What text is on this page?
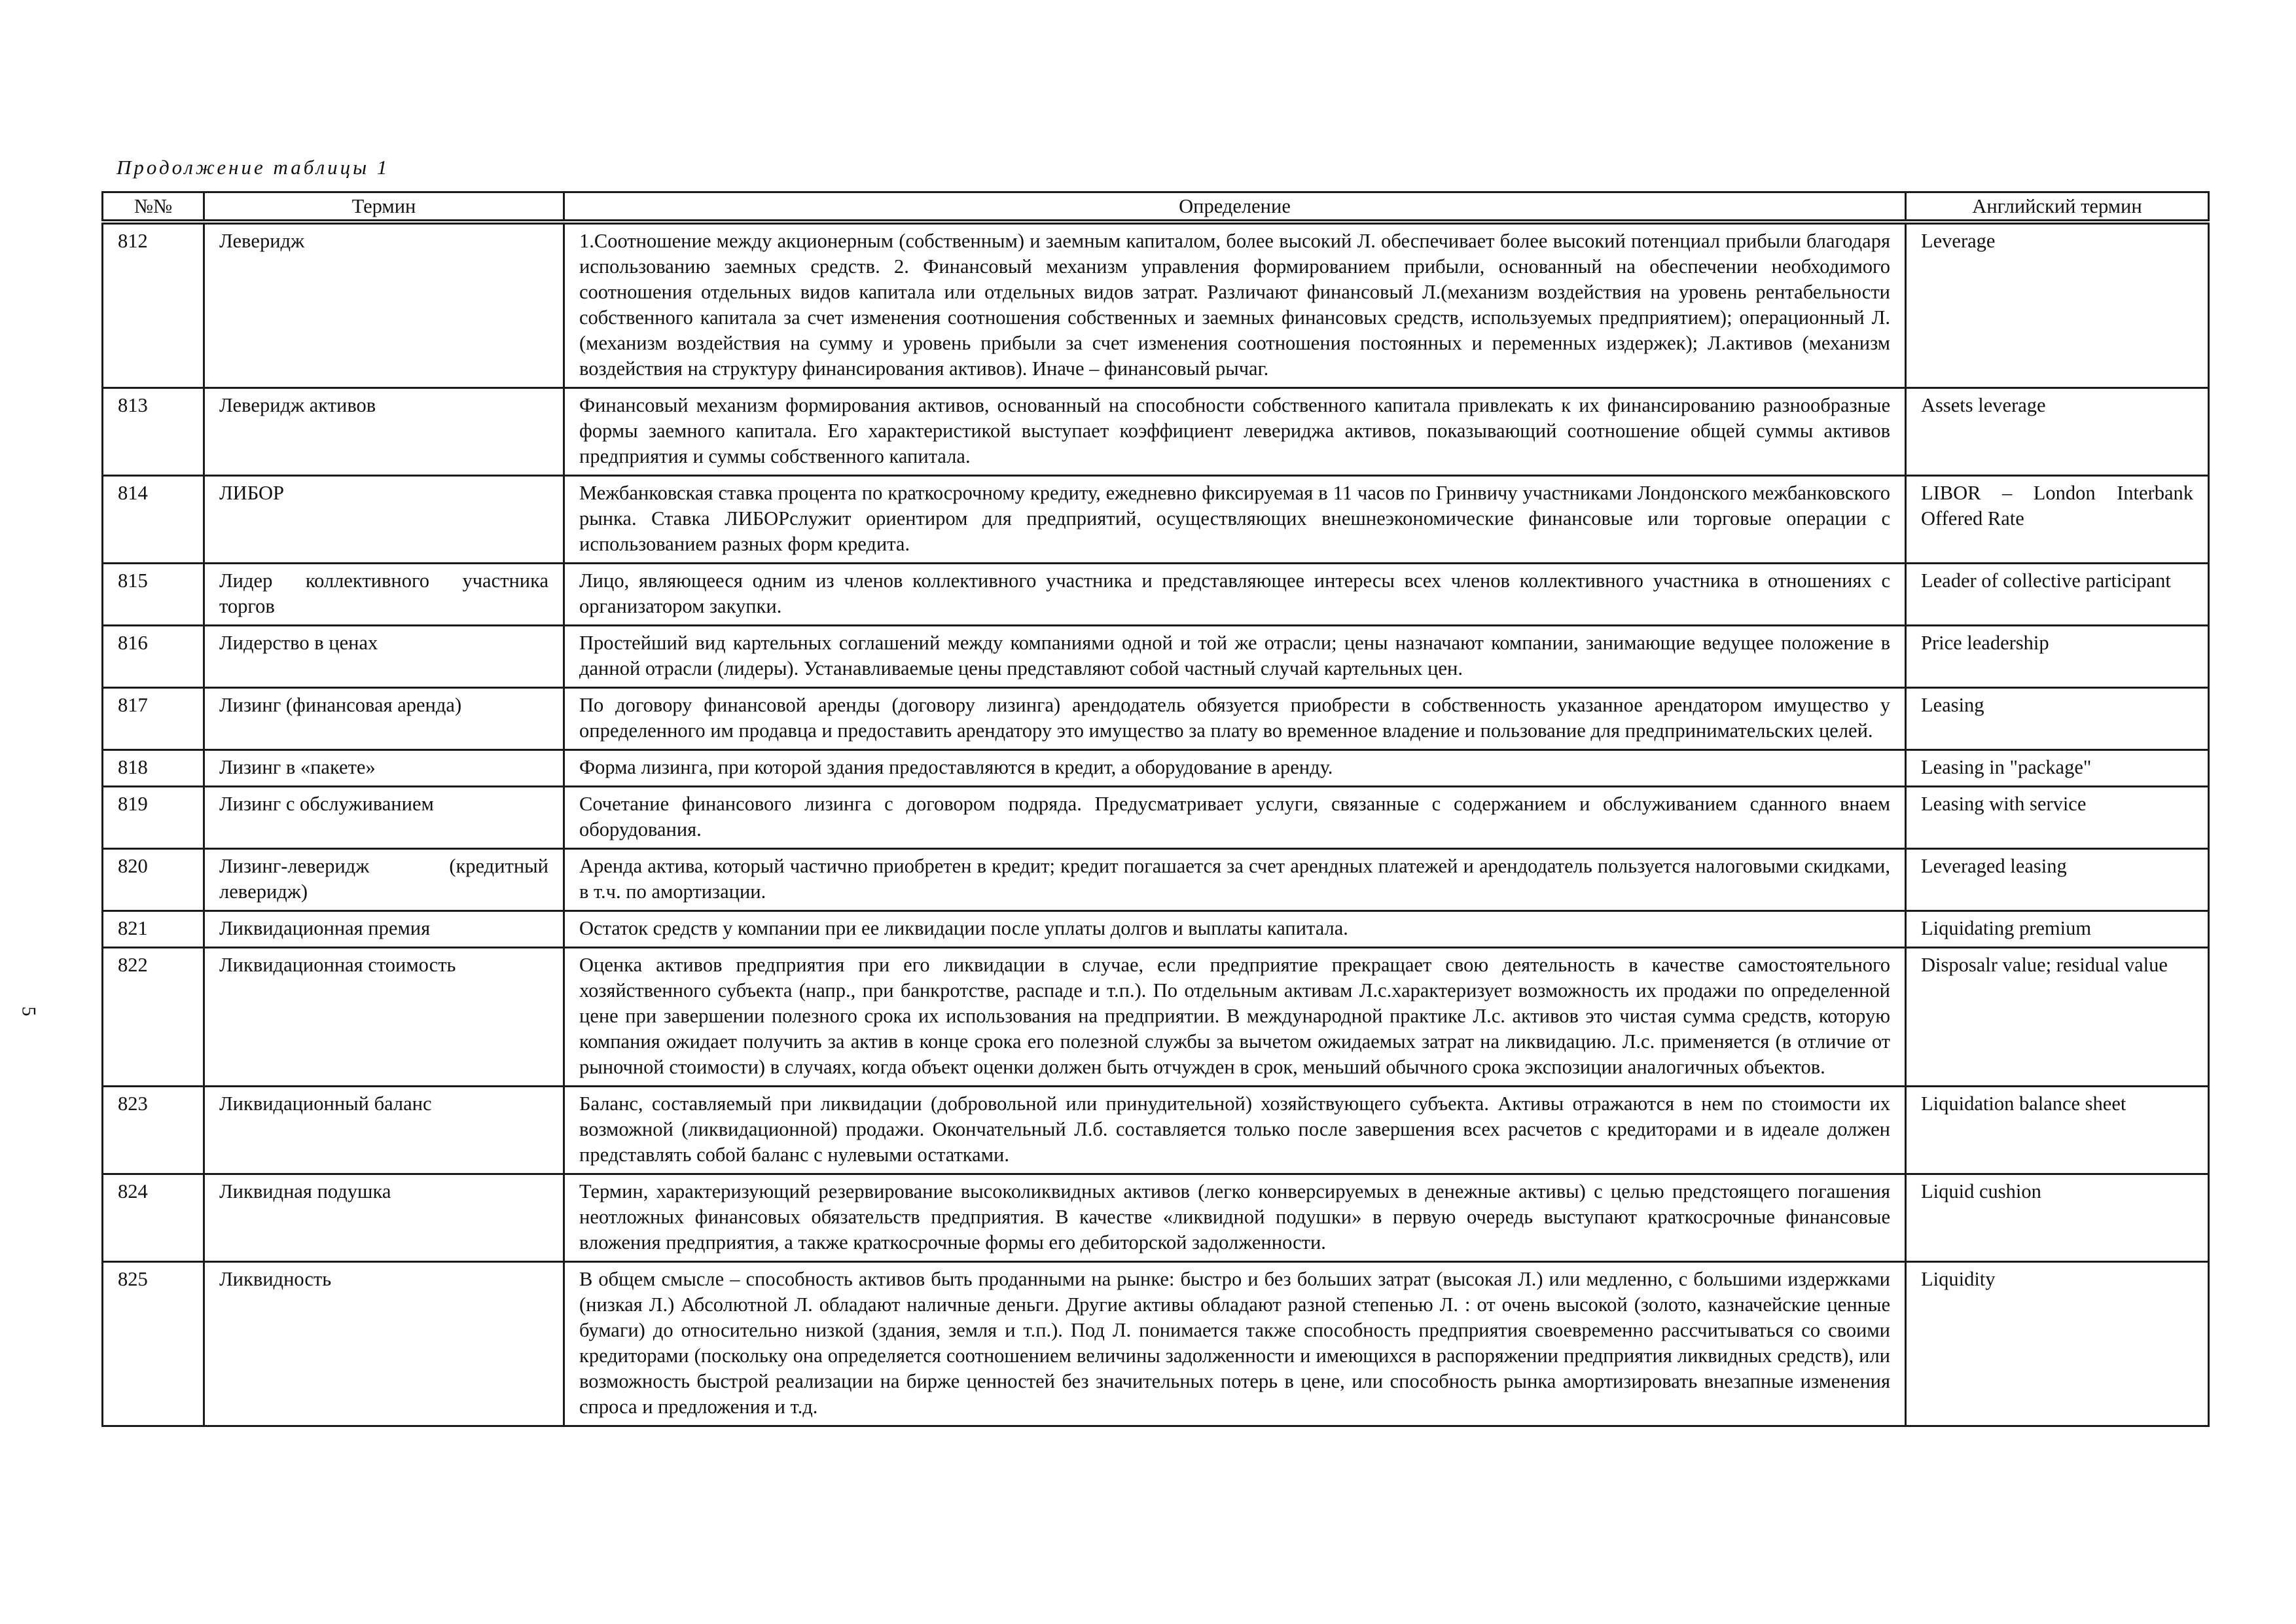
Продолжение таблицы 1
5
№№	Термин	Определение	Английский термин
812	Левeридж	1.Соотношение между акционерным (собственным) и заемным капиталом, более высокий Л. обеспечивает более высокий потенциал прибыли благодаря использованию заемных средств. 2. Финансовый механизм управления формированием прибыли, основанный на обеспечении необходимого соотношения отдельных видов капитала или отдельных видов затрат. Различают финансовый Л.(механизм воздействия на уровень рентабельности собственного капитала за счет изменения соотношения собственных и заемных финансовых средств, используемых предприятием); операционный Л.(механизм воздействия на сумму и уровень прибыли за счет изменения соотношения постоянных и переменных издержек); Л.активов (механизм воздействия на структуру финансирования активов). Иначе – финансовый рычаг.	Leverage
813	Левeридж активов	Финансовый механизм формирования активов, основанный на способности собственного капитала привлекать к их финансированию разнообразные формы заемного капитала. Его характеристикой выступает коэффициент левериджа активов, показывающий соотношение общей суммы активов предприятия и суммы собственного капитала.	Assets leverage
814	ЛИБОР	Межбанковская ставка процента по краткосрочному кредиту, ежедневно фиксируемая в 11 часов по Гринвичу участниками Лондонского межбанковского рынка. Ставка ЛИБОРслужит ориентиром для предприятий, осуществляющих внешнеэкономические финансовые или торговые операции с использованием разных форм кредита.	LIBOR – London Interbank Offered Rate
815	Лидер коллективного участника торгов	Лицо, являющееся одним из членов коллективного участника и представляющее интересы всех членов коллективного участника в отношениях с организатором закупки.	Leader of collective participant
816	Лидерство в ценах	Простейший вид картельных соглашений между компаниями одной и той же отрасли; цены назначают компании, занимающие ведущее положение в данной отрасли (лидеры). Устанавливаемые цены представляют собой частный случай картельных цен.	Price leadership
817	Лизинг (финансовая аренда)	По договору финансовой аренды (договору лизинга) арендодатель обязуется приобрести в собственность указанное арендатором имущество у определенного им продавца и предоставить арендатору это имущество за плату во временное владение и пользование для предпринимательских целей.	Leasing
818	Лизинг в «пакете»	Форма лизинга, при которой здания предоставляются в кредит, а оборудование в аренду.	Leasing in "package"
819	Лизинг с обслуживанием	Сочетание финансового лизинга с договором подряда. Предусматривает услуги, связанные с содержанием и обслуживанием сданного внаем оборудования.	Leasing with service
820	Лизинг-левeридж (кредитный левeридж)	Аренда актива, который частично приобретен в кредит; кредит погашается за счет арендных платежей и арендодатель пользуется налоговыми скидками, в т.ч. по амортизации.	Leveraged leasing
821	Ликвидационная премия	Остаток средств у компании при ее ликвидации после уплаты долгов и выплаты капитала.	Liquidating premium
822	Ликвидационная стоимость	Оценка активов предприятия при его ликвидации в случае, если предприятие прекращает свою деятельность в качестве самостоятельного хозяйственного субъекта (напр., при банкротстве, распаде и т.п.). По отдельным активам Л.с.характеризует возможность их продажи по определенной цене при завершении полезного срока их использования на предприятии. В международной практике Л.с. активов это чистая сумма средств, которую компания ожидает получить за актив в конце срока его полезной службы за вычетом ожидаемых затрат на ликвидацию. Л.с. применяется (в отличие от рыночной стоимости) в случаях, когда объект оценки должен быть отчужден в срок, меньший обычного срока экспозиции аналогичных объектов.	Disposalr value; residual value
823	Ликвидационный баланс	Баланс, составляемый при ликвидации (добровольной или принудительной) хозяйствующего субъекта. Активы отражаются в нем по стоимости их возможной (ликвидационной) продажи. Окончательный Л.б. составляется только после завершения всех расчетов с кредиторами и в идеале должен представлять собой баланс с нулевыми остатками.	Liquidation balance sheet
824	Ликвидная подушка	Термин, характеризующий резервирование высоколиквидных активов (легко конверсируемых в денежные активы) с целью предстоящего погашения неотложных финансовых обязательств предприятия. В качестве «ликвидной подушки» в первую очередь выступают краткосрочные финансовые вложения предприятия, а также краткосрочные формы его дебиторской задолженности.	Liquid cushion
825	Ликвидность	В общем смысле – способность активов быть проданными на рынке: быстро и без больших затрат (высокая Л.) или медленно, с большими издержками (низкая Л.) Абсолютной Л. обладают наличные деньги. Другие активы обладают разной степенью Л. : от очень высокой (золото, казначейские ценные бумаги) до относительно низкой (здания, земля и т.п.). Под Л. понимается также способность предприятия своевременно рассчитываться со своими кредиторами (поскольку она определяется соотношением величины задолженности и имеющихся в распоряжении предприятия ликвидных средств), или возможность быстрой реализации на бирже ценностей без значительных потерь в цене, или способность рынка амортизировать внезапные изменения спроса и предложения и т.д.	Liquidity
